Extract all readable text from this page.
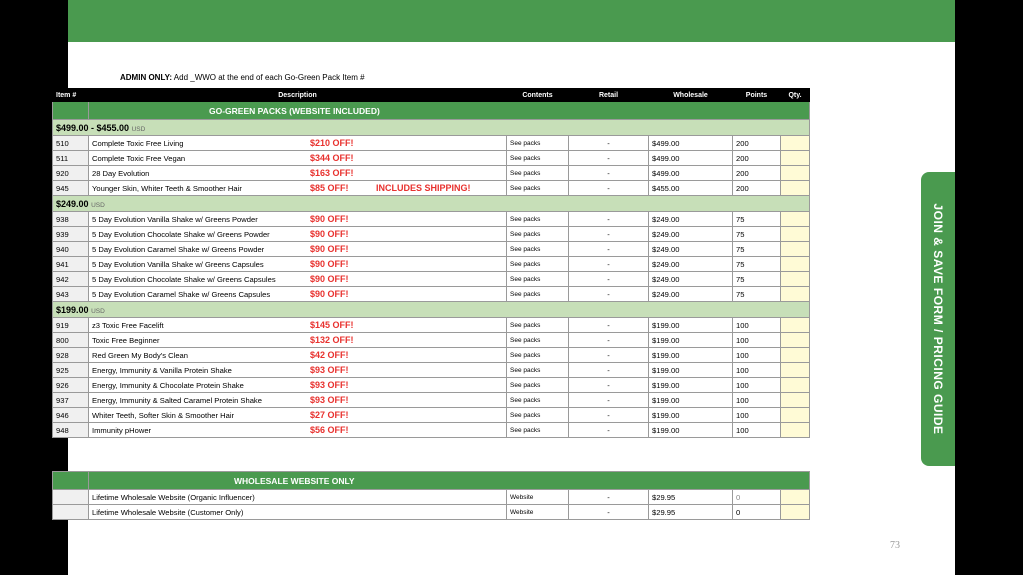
JOIN & SAVE FORM / PRICING GUIDE
ADMIN ONLY: Add _WWO at the end of each Go-Green Pack Item #
73
Item #	Description	Contents	Retail	Wholesale	Points	Qty.
	GO-GREEN PACKS (WEBSITE INCLUDED)					
$499.00 - $455.00 USD						
510	Complete Toxic Free Living $210 OFF!	See packs	-	$499.00	200	
511	Complete Toxic Free Vegan $344 OFF!	See packs	-	$499.00	200	
920	28 Day Evolution $163 OFF!	See packs	-	$499.00	200	
945	Younger Skin, Whiter Teeth & Smoother Hair $85 OFF! INCLUDES SHIPPING!	See packs	-	$455.00	200	
$249.00 USD						
938	5 Day Evolution Vanilla Shake w/ Greens Powder $90 OFF!	See packs	-	$249.00	75	
939	5 Day Evolution Chocolate Shake w/ Greens Powder $90 OFF!	See packs	-	$249.00	75	
940	5 Day Evolution Caramel Shake w/ Greens Powder $90 OFF!	See packs	-	$249.00	75	
941	5 Day Evolution Vanilla Shake w/ Greens Capsules $90 OFF!	See packs	-	$249.00	75	
942	5 Day Evolution Chocolate Shake w/ Greens Capsules $90 OFF!	See packs	-	$249.00	75	
943	5 Day Evolution Caramel Shake w/ Greens Capsules $90 OFF!	See packs	-	$249.00	75	
$199.00 USD						
919	z3 Toxic Free Facelift $145 OFF!	See packs	-	$199.00	100	
800	Toxic Free Beginner $132 OFF!	See packs	-	$199.00	100	
928	Red Green My Body's Clean $42 OFF!	See packs	-	$199.00	100	
925	Energy, Immunity & Vanilla Protein Shake $93 OFF!	See packs	-	$199.00	100	
926	Energy, Immunity & Chocolate Protein Shake $93 OFF!	See packs	-	$199.00	100	
937	Energy, Immunity & Salted Caramel Protein Shake $93 OFF!	See packs	-	$199.00	100	
946	Whiter Teeth, Softer Skin & Smoother Hair $27 OFF!	See packs	-	$199.00	100	
948	Immunity pHower $56 OFF!	See packs	-	$199.00	100	
	WHOLESALE WEBSITE ONLY					
	Lifetime Wholesale Website (Organic Influencer)	Website	-	$29.95	0	
	Lifetime Wholesale Website (Customer Only)	Website	-	$29.95	0	
